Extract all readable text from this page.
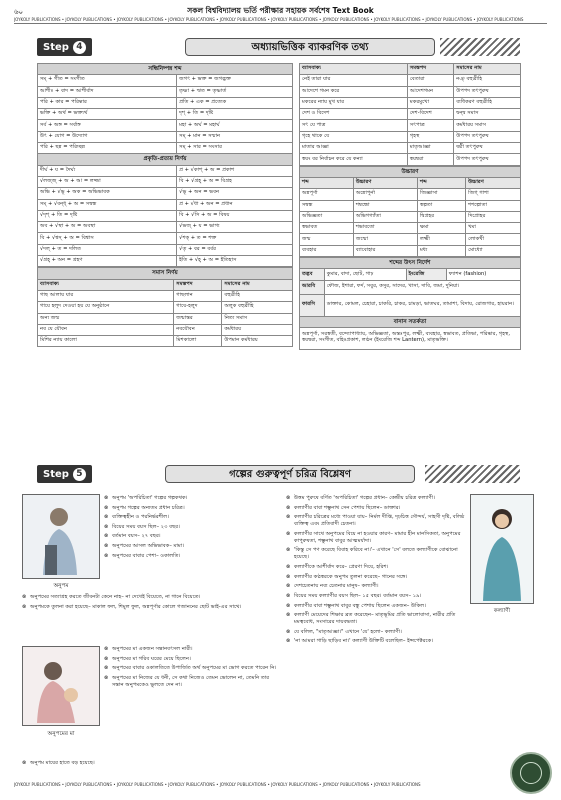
৬০	সকল বিশ্ববিদ্যালয় ভর্তি পরীক্ষার সহায়ক সর্বশেষ Text Book
JOYKOLY PUBLICATIONS • JOYKOLY PUBLICATIONS • JOYKOLY PUBLICATIONS • JOYKOLY PUBLICATIONS • JOYKOLY PUBLICATIONS • JOYKOLY PUBLICATIONS • JOYKOLY PUBLICATIONS • JOYKOLY PUBLICATIONS • JOYKOLY PUBLICATIONS • JOYKOLY PUBLICATIONS
Step 4	অধ্যায়ভিত্তিক ব্যাকরণিক তথ্য
সন্ধিনিষ্পন্ন শব্দ	
সম্ + গীত = সংগীত	জগৎ + ভক্ত = জগদ্ভক্ত
আশীঃ + বাদ = আশীর্বাদ	তৃষ্ণা + ঋত = তৃষ্ণার্ত
পরি + কার = পরিষ্কার	প্রতি + এক = প্রত্যেক
ভক্তি + অর্থ = ভক্ত্যর্থ	দৃশ্ + তি = দৃষ্টি
সর্ব + অঙ্গ = সর্বাঙ্গ	মহা + অর্ঘ = মহার্ঘ
উৎ + যোগ = উদ্যোগ	সম্ + মান = সম্মান
পরি + ছন্ন = পরিচ্ছন্ন	সম্ + সার = সংসার
প্রকৃতি-প্রত্যয় নির্ণয়	
দীর্ঘ + য = দৈর্ঘ্য	প্র + √কাশ্ + অ = প্রকাশ
√লজ্জ্ + অ + আ = লজ্জা	বি + √গ্ৰহ্ + অ = বিগ্ৰহ
অভি + √ভূ + অক = অভিভাবক	√ভূ + অন = ভবন
সম্ + √বন্ধ্ + অ = সম্বন্ধ	প্র + √ধা + অন = প্রধান
√দৃশ্ + তি = দৃষ্টি	বি + √সি + অ = বিষয়
অব + √স্থা + অ = অবস্থা	√ভজ্ + য = ভাগ্য
বি + √শ্বস্ + অ = বিশ্বাস	√শক্ + ত = শক্ত
√দল্ + ত = দলিত	√তৃ + বর = বর্বর
√গ্রহ্ + অন = গ্রহণ	ইতি + √হ্ + অ = ইতিহাস
সমাস নির্ণয়		
ব্যাসবাক্য	সমস্তপদ	সমাসের নাম
গাছ আলায় যার	গাছলান	বহুব্রীহি
গায়ে হলুদ দেওয়া হয় যে অনুষ্ঠানে	গায়ে-হলুদ	অলুক বহুব্রীহি
অন্য জন্ম	জন্মান্তর	নিত্য সমাস
নব যে যৌবন	নবযৌবন	কর্মধারয়
মিশির ন্যায় কালো	মিশকালো	উপমান কর্মধারয়
ব্যাসবাক্য	সমস্তপদ	সমাসের নাম
নেই তারা যার	বেতারা	নঞ্ বহুব্রীহি
আদেশে গমন করে	আদেশগমন	উপপদ তৎপুরুষ
মকরের ন্যায় মুখ যার	মকরমুখো	ব্যধিকরণ বহুব্রীহি
দেশ ও বিদেশ	দেশ-বিদেশ	দ্বন্দ্ব সমাস
সৎ যে পাত্র	সৎপাত্র	কর্মধারয় সমাস
গৃহে থাকে যে	গৃহস্থ	উপপদ তৎপুরুষ
মাতার আজ্ঞা	মাতৃআজ্ঞা	ষষ্ঠী তৎপুরুষ
স্বয়ং বর নির্বাচন করে যে কন্যা	স্বয়ম্বরা	উপপদ তৎপুরুষ
উচ্চারণ			
শব্দ	উচ্চারণ	শব্দ	উচ্চারণ
অন্নপূর্ণা	অন্নোপুর্না	জিজ্ঞাসা	জিগ্ গাশা
সম্বন্ধ	শম্বন্ধো	স্বল্পতা	শশল্পোতা
অভিজ্ঞতা	অভিগগ্যাঁতা	দ্বিপ্রহর	দিপ্রোহর
স্বভাবত	শভাবতো	ক্ষমা	খমা
জন্ম	জন্মো	লক্ষ্মী	লোকখী
ব্যবহার	ব্যাবোহার	মধ্য	মোধ্যো
শব্দের উৎস নির্দেশ			
তদ্ভব	কুমার, বাদা, ছোট, গাঢ়	ইংরেজি	ফ্যাশন (fashion)
আরবি	ফৌজ, ইশারা, ফর্দ, সবুর, কসুর, সাদের, খাসা, দাবি, জমা, দুনিয়া।		
ফারসি	ডাক্তার, কোমল, চেহারা, চাকরি, চাকর, চামড়া, ভাতঘর, তামাশা, বিদায়, রোজগার, হায়রান।		
বানান সতর্কতা			
অন্নপূর্ণা, সরস্বতী, বন্দ্যোপাধ্যায়, অভিজ্ঞতা, অন্তঃপুর, লক্ষ্মী, ব্যবহার, স্বভাবত, প্রতিভা, পরিষ্কার, গৃহস্থ, স্বয়ম্বরা, সংগীত, বহিঃপ্রকাশ, লণ্ঠন (ইংরেজি শব্দ Lantern), মাতৃভক্তি।			
Step 5	গল্পের গুরুত্বপূর্ণ চরিত্র বিশ্লেষণ
অনুপম
⊗ অনুপম 'অপরিচিতা' গল্পের গল্পকথক।
⊗ অনুপম গল্পের অন্যতম প্রধান চরিত্র।
⊗ ব্যক্তিত্বহীন ও পরনির্ভরশীল।
⊗ বিয়ের সময় বয়স ছিল– ২৩ বছর।
⊗ বর্তমান বয়স– ২৭ বছর।
⊗ অনুপমের আসল অভিভাবক– মামা।
⊗ অনুপমের বাবার পেশা– ওকালতি।
⊗ অনুপমের সত্যাগ্ৰহ করতে জীবনটা কেনে নাহ– না দেখেই বিয়েতে, না গানে বিয়েতে।
⊗ অনুপমকে তুলনা করা হয়েছে– মাকাল ফল, শিমুল ফুল, অন্নপূর্ণার কোলে গজাননের ছোট ভাই-এর সাথে।
অনুপমের মা
⊗ অনুপমের মা একজন সন্তানবৎসল নারী।
⊗ অনুপমের মা গরিব ঘরের মেয়ে ছিলেন।
⊗ অনুপমের বাবার ওকালতিতে উপার্জিত অর্থ অনুপমের মা ভোগ করতে পারেন নি।
⊗ অনুপমের মা নিজের যে ধনী, সে কথা নিজেও তেমন ভোলেন না, তেমনি তার সন্তান অনুপমকেও ভুলতে দেন না।
⊗ অনুপম মায়ের হাতে বড় হয়েছে।
⊗ উত্তম পুরুষে বর্ণিত 'অপরিচিতা' গল্পের প্রধান– কেন্দ্রীয় চরিত্র কল্যাণী।
⊗ কল্যাণীর বাবা শম্ভুনাথ সেন পেশায় ছিলেন– ডাক্তার।
⊗ কল্যাণীর চরিত্রের মধ্যে পাওয়া যায়– নির্মল দীপ্তি, দৃঢ়চিত্ত সৌন্দর্য, সাহসী দৃষ্টি, বলিষ্ঠ ব্যক্তিত্ব এবং প্রতিবাদী চেতনা।
⊗ কল্যাণীর সাথে অনুপমের বিয়ে না হওয়ার কারণ– মামার হীন মানসিকতা, অনুপমের কাপুরুষতা, শম্ভুনাথ বাবুর আত্মমর্যাদা।
⊗ 'কিন্তু সে পণ করেছে বিবাহ করিবে না।'– এখানে 'সে' বলতে কল্যাণীকে বোঝানো হয়েছে।
⊗ কল্যাণীকে আশীর্বাদ করে– প্রেরণা দিয়ে, হরিশ।
⊗ কল্যাণীর কণ্ঠস্বরকে অনুপম তুলনা করেছে– গানের সঙ্গে।
⊗ দেশচেতনায় নব্য চেতনার মানুষ– কল্যাণী।
⊗ বিয়ের সময় কল্যাণীর বয়স ছিল– ১৫ বছর। বর্তমান বয়স– ১৯।
⊗ কল্যাণীর বাবা শম্ভুনাথ বাবুর বন্ধু পেশায় ছিলেন একজন– উকিল।
⊗ কল্যাণী মেয়েদের শিক্ষার ব্রত করেছেন– মাতৃভূমির প্রতি ভালোবাসা, নারীর প্রতি মমত্ববোধ, সংসারের দায়বদ্ধতা।
⊗ যে বলিল, "মাতৃআজ্ঞা।" এখানে 'যে' হলো– কল্যাণী।
⊗ 'না আমরা গাড়ি ছাড়িব না।' কল্যাণী উক্তিটি বলেছিল– ইন্সপেক্টরকে।
কল্যাণী
JOYKOLY PUBLICATIONS • JOYKOLY PUBLICATIONS • JOYKOLY PUBLICATIONS • JOYKOLY PUBLICATIONS • JOYKOLY PUBLICATIONS • JOYKOLY PUBLICATIONS • JOYKOLY PUBLICATIONS • JOYKOLY PUBLICATIONS
